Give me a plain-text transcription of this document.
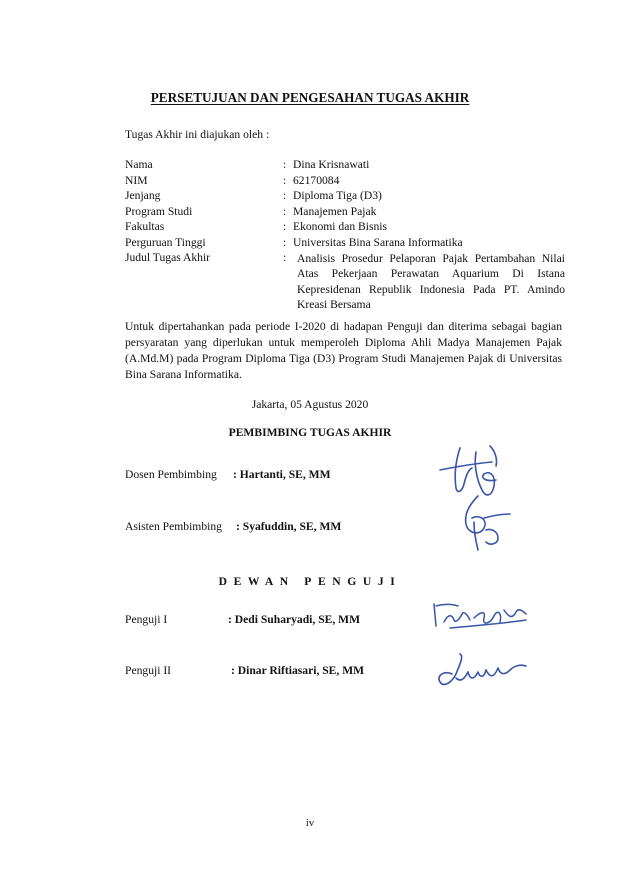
PERSETUJUAN DAN PENGESAHAN TUGAS AKHIR
Tugas Akhir ini diajukan oleh :
Nama	: Dina Krisnawati
NIM	: 62170084
Jenjang	: Diploma Tiga (D3)
Program Studi	: Manajemen Pajak
Fakultas	: Ekonomi dan Bisnis
Perguruan Tinggi	: Universitas Bina Sarana Informatika
Judul Tugas Akhir	: Analisis Prosedur Pelaporan Pajak Pertambahan Nilai Atas Pekerjaan Perawatan Aquarium Di Istana Kepresidenan Republik Indonesia Pada PT. Amindo Kreasi Bersama
Untuk dipertahankan pada periode I-2020 di hadapan Penguji dan diterima sebagai bagian persyaratan yang diperlukan untuk memperoleh Diploma Ahli Madya Manajemen Pajak (A.Md.M) pada Program Diploma Tiga (D3) Program Studi Manajemen Pajak di Universitas Bina Sarana Informatika.
Jakarta, 05 Agustus 2020
PEMBIMBING TUGAS AKHIR
Dosen Pembimbing	: Hartanti, SE, MM
Asisten Pembimbing	: Syafuddin, SE, MM
DEWAN PENGUJI
Penguji I	: Dedi Suharyadi, SE, MM
Penguji II	: Dinar Riftiasari, SE, MM
iv
